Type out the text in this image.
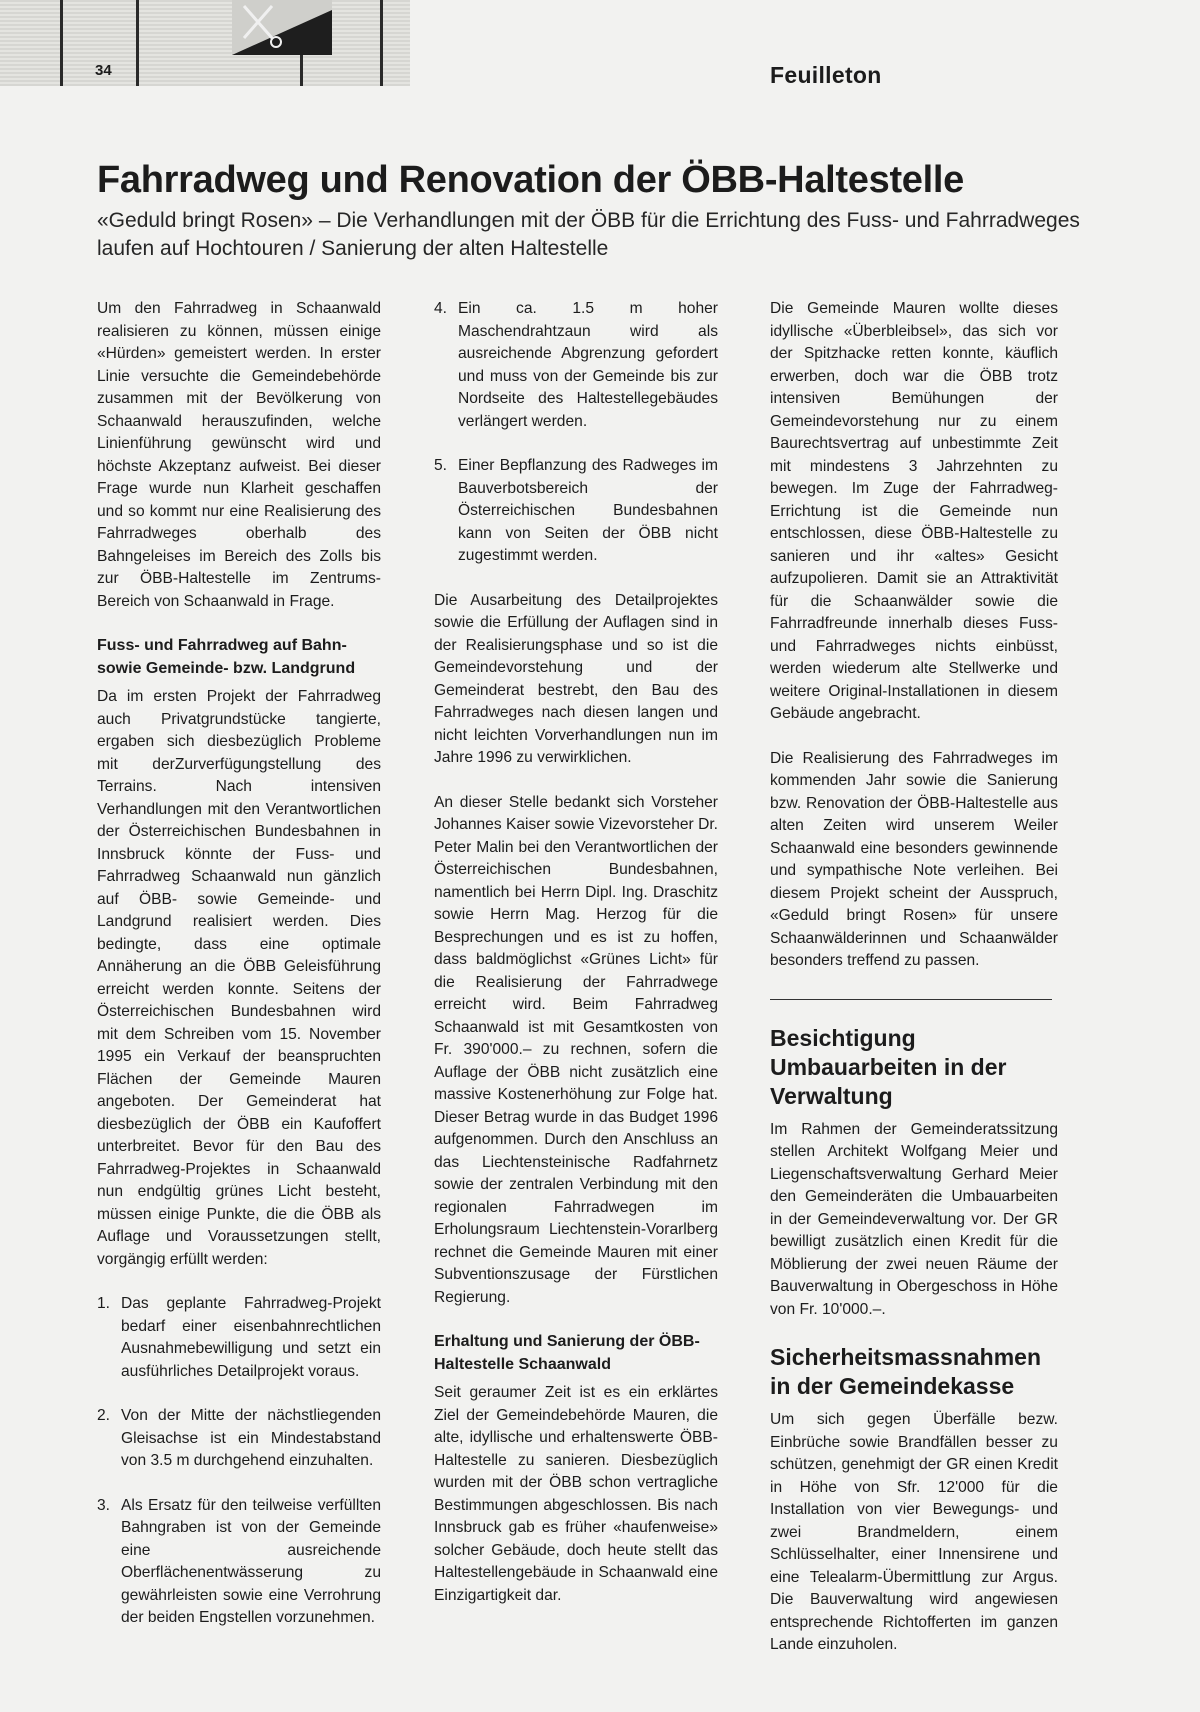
34	Feuilleton
Fahrradweg und Renovation der ÖBB-Haltestelle

«Geduld bringt Rosen» – Die Verhandlungen mit der ÖBB für die Errichtung des Fuss- und Fahrradweges laufen auf Hochtouren / Sanierung der alten Haltestelle

Um den Fahrradweg in Schaanwald realisieren zu können, müssen einige «Hürden» gemeistert werden. In erster Linie versuchte die Gemeindebehörde zusammen mit der Bevölkerung von Schaanwald herauszufinden, welche Linienführung gewünscht wird und höchste Akzeptanz aufweist. Bei dieser Frage wurde nun Klarheit geschaffen und so kommt nur eine Realisierung des Fahrradweges oberhalb des Bahngeleises im Bereich des Zolls bis zur ÖBB-Haltestelle im Zentrums-Bereich von Schaanwald in Frage.

Fuss- und Fahrradweg auf Bahn- sowie Gemeinde- bzw. Landgrund

Da im ersten Projekt der Fahrradweg auch Privatgrundstücke tangierte, ergaben sich diesbezüglich Probleme mit derZurverfügungstellung des Terrains. Nach intensiven Verhandlungen mit den Verantwortlichen der Österreichischen Bundesbahnen in Innsbruck könnte der Fuss- und Fahrradweg Schaanwald nun gänzlich auf ÖBB- sowie Gemeinde- und Landgrund realisiert werden. Dies bedingte, dass eine optimale Annäherung an die ÖBB Geleisführung erreicht werden konnte. Seitens der Österreichischen Bundesbahnen wird mit dem Schreiben vom 15. November 1995 ein Verkauf der beanspruchten Flächen der Gemeinde Mauren angeboten. Der Gemeinderat hat diesbezüglich der ÖBB ein Kaufoffert unterbreitet. Bevor für den Bau des Fahrradweg-Projektes in Schaanwald nun endgültig grünes Licht besteht, müssen einige Punkte, die die ÖBB als Auflage und Voraussetzungen stellt, vorgängig erfüllt werden:

1. Das geplante Fahrradweg-Projekt bedarf einer eisenbahnrechtlichen Ausnahmebewilligung und setzt ein ausführliches Detailprojekt voraus.
2. Von der Mitte der nächstliegenden Gleisachse ist ein Mindestabstand von 3.5 m durchgehend einzuhalten.
3. Als Ersatz für den teilweise verfüllten Bahngraben ist von der Gemeinde eine ausreichende Oberflächenentwässerung zu gewährleisten sowie eine Verrohrung der beiden Engstellen vorzunehmen.
4. Ein ca. 1.5 m hoher Maschendrahtzaun wird als ausreichende Abgrenzung gefordert und muss von der Gemeinde bis zur Nordseite des Haltestellegebäudes verlängert werden.
5. Einer Bepflanzung des Radweges im Bauverbotsbereich der Österreichischen Bundesbahnen kann von Seiten der ÖBB nicht zugestimmt werden.

Die Ausarbeitung des Detailprojektes sowie die Erfüllung der Auflagen sind in der Realisierungsphase und so ist die Gemeindevorstehung und der Gemeinderat bestrebt, den Bau des Fahrradweges nach diesen langen und nicht leichten Vorverhandlungen nun im Jahre 1996 zu verwirklichen.

An dieser Stelle bedankt sich Vorsteher Johannes Kaiser sowie Vizevorsteher Dr. Peter Malin bei den Verantwortlichen der Österreichischen Bundesbahnen, namentlich bei Herrn Dipl. Ing. Draschitz sowie Herrn Mag. Herzog für die Besprechungen und es ist zu hoffen, dass baldmöglichst «Grünes Licht» für die Realisierung der Fahrradwege erreicht wird. Beim Fahrradweg Schaanwald ist mit Gesamtkosten von Fr. 390'000.– zu rechnen, sofern die Auflage der ÖBB nicht zusätzlich eine massive Kostenerhöhung zur Folge hat. Dieser Betrag wurde in das Budget 1996 aufgenommen. Durch den Anschluss an das Liechtensteinische Radfahrnetz sowie der zentralen Verbindung mit den regionalen Fahrradwegen im Erholungsraum Liechtenstein-Vorarlberg rechnet die Gemeinde Mauren mit einer Subventionszusage der Fürstlichen Regierung.

Erhaltung und Sanierung der ÖBB-Haltestelle Schaanwald

Seit geraumer Zeit ist es ein erklärtes Ziel der Gemeindebehörde Mauren, die alte, idyllische und erhaltenswerte ÖBB-Haltestelle zu sanieren. Diesbezüglich wurden mit der ÖBB schon vertragliche Bestimmungen abgeschlossen. Bis nach Innsbruck gab es früher «haufenweise» solcher Gebäude, doch heute stellt das Haltestellengebäude in Schaanwald eine Einzigartigkeit dar.

Die Gemeinde Mauren wollte dieses idyllische «Überbleibsel», das sich vor der Spitzhacke retten konnte, käuflich erwerben, doch war die ÖBB trotz intensiven Bemühungen der Gemeindevorstehung nur zu einem Baurechtsvertrag auf unbestimmte Zeit mit mindestens 3 Jahrzehnten zu bewegen. Im Zuge der Fahrradweg-Errichtung ist die Gemeinde nun entschlossen, diese ÖBB-Haltestelle zu sanieren und ihr «altes» Gesicht aufzupolieren. Damit sie an Attraktivität für die Schaanwälder sowie die Fahrradfreunde innerhalb dieses Fuss- und Fahrradweges nichts einbüsst, werden wiederum alte Stellwerke und weitere Original-Installationen in diesem Gebäude angebracht.

Die Realisierung des Fahrradweges im kommenden Jahr sowie die Sanierung bzw. Renovation der ÖBB-Haltestelle aus alten Zeiten wird unserem Weiler Schaanwald eine besonders gewinnende und sympathische Note verleihen. Bei diesem Projekt scheint der Ausspruch, «Geduld bringt Rosen» für unsere Schaanwälderinnen und Schaanwälder besonders treffend zu passen.

Besichtigung Umbauarbeiten in der Verwaltung

Im Rahmen der Gemeinderatssitzung stellen Architekt Wolfgang Meier und Liegenschaftsverwaltung Gerhard Meier den Gemeinderäten die Umbauarbeiten in der Gemeindeverwaltung vor. Der GR bewilligt zusätzlich einen Kredit für die Möblierung der zwei neuen Räume der Bauverwaltung in Obergeschoss in Höhe von Fr. 10'000.–.

Sicherheitsmassnahmen in der Gemeindekasse

Um sich gegen Überfälle bezw. Einbrüche sowie Brandfällen besser zu schützen, genehmigt der GR einen Kredit in Höhe von Sfr. 12'000 für die Installation von vier Bewegungs- und zwei Brandmeldern, einem Schlüsselhalter, einer Innensirene und eine Telealarm-Übermittlung zur Argus. Die Bauverwaltung wird angewiesen entsprechende Richtofferten im ganzen Lande einzuholen.
